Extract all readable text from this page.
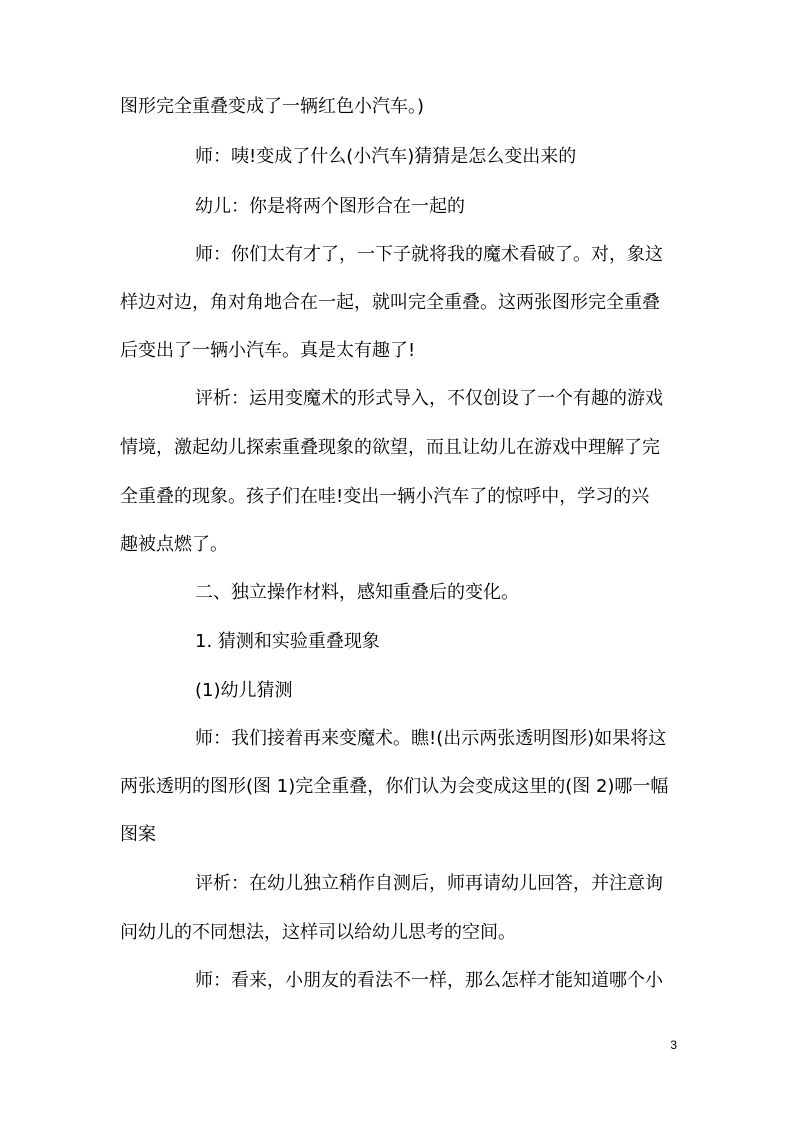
图形完全重叠变成了一辆红色小汽车。)
师：咦!变成了什么(小汽车)猜猜是怎么变出来的
幼儿：你是将两个图形合在一起的
师：你们太有才了，一下子就将我的魔术看破了。对，象这
样边对边，角对角地合在一起，就叫完全重叠。这两张图形完全重叠
后变出了一辆小汽车。真是太有趣了!
评析：运用变魔术的形式导入，不仅创设了一个有趣的游戏
情境，激起幼儿探索重叠现象的欲望，而且让幼儿在游戏中理解了完
全重叠的现象。孩子们在哇!变出一辆小汽车了的惊呼中，学习的兴
趣被点燃了。
二、独立操作材料，感知重叠后的变化。
1. 猜测和实验重叠现象
(1)幼儿猜测
师：我们接着再来变魔术。瞧!(出示两张透明图形)如果将这
两张透明的图形(图 1)完全重叠，你们认为会变成这里的(图 2)哪一幅
图案
评析：在幼儿独立稍作自测后，师再请幼儿回答，并注意询
问幼儿的不同想法，这样司以给幼儿思考的空间。
师：看来，小朋友的看法不一样，那么怎样才能知道哪个小
3
